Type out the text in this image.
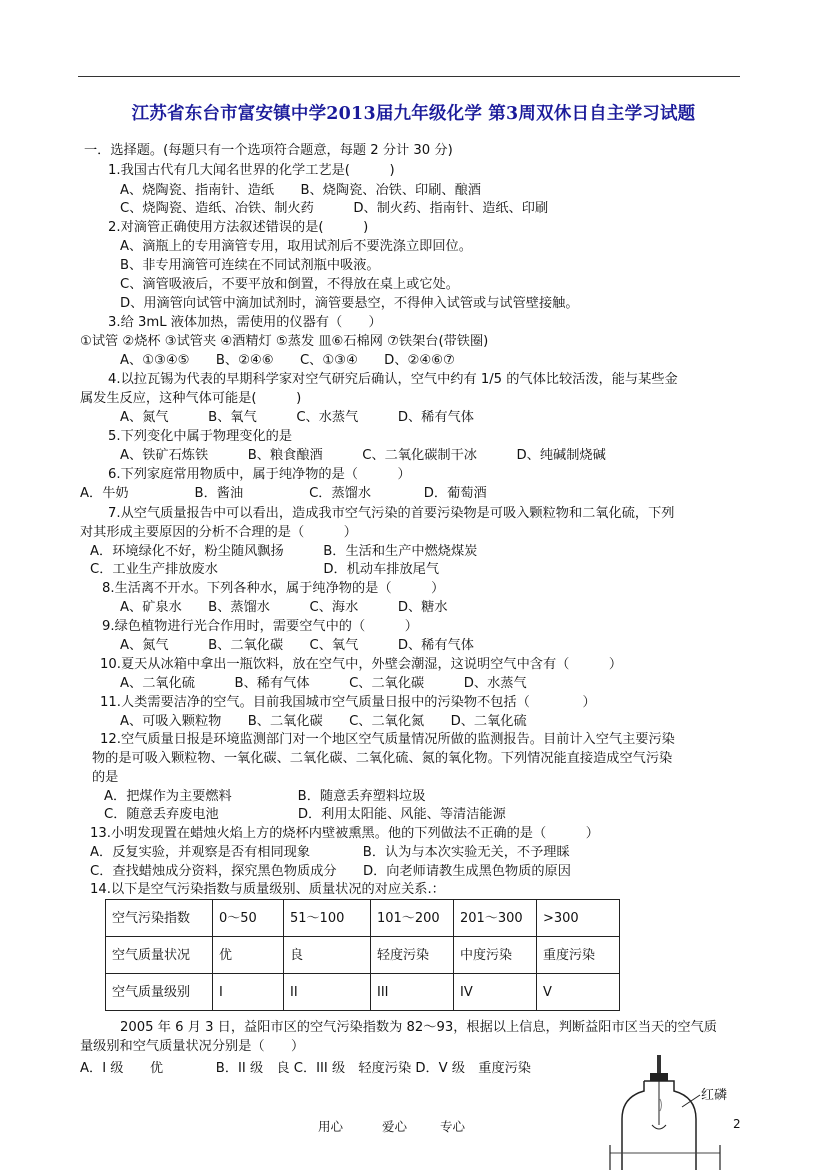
江苏省东台市富安镇中学2013届九年级化学 第3周双休日自主学习试题
一．选择题。(每题只有一个选项符合题意，每题 2 分计 30 分)
1.我国古代有几大闻名世界的化学工艺是(　　　)
A、烧陶瓷、指南针、造纸　　B、烧陶瓷、冶铁、印刷、酿酒
C、烧陶瓷、造纸、冶铁、制火药　　　D、制火药、指南针、造纸、印刷
2.对滴管正确使用方法叙述错误的是(　　　)
A、滴瓶上的专用滴管专用，取用试剂后不要洗涤立即回位。
B、非专用滴管可连续在不同试剂瓶中吸液。
C、滴管吸液后，不要平放和倒置，不得放在桌上或它处。
D、用滴管向试管中滴加试剂时，滴管要悬空，不得伸入试管或与试管壁接触。
3.给 3mL 液体加热，需使用的仪器有（　　）
①试管 ②烧杯 ③试管夹 ④酒精灯 ⑤蒸发 皿⑥石棉网 ⑦铁架台(带铁圈)
A、①③④⑤　　B、②④⑥　　C、①③④　　D、②④⑥⑦
4.以拉瓦锡为代表的早期科学家对空气研究后确认，空气中约有 1/5 的气体比较活泼，能与某些金
属发生反应，这种气体可能是(　　　)
A、氮气　　　B、氧气　　　C、水蒸气　　　D、稀有气体
5.下列变化中属于物理变化的是
A、铁矿石炼铁　　　B、粮食酿酒　　　C、二氧化碳制干冰　　　D、纯碱制烧碱
6.下列家庭常用物质中，属于纯净物的是（　　　）
A．牛奶　　　　　B．酱油　　　　　C．蒸馏水　　　　D．葡萄酒
7.从空气质量报告中可以看出，造成我市空气污染的首要污染物是可吸入颗粒物和二氧化硫，下列
对其形成主要原因的分析不合理的是（　　　）
A．环境绿化不好，粉尘随风飘扬　　　B．生活和生产中燃烧煤炭
C．工业生产排放废水　　　　　　　　D．机动车排放尾气
8.生活离不开水。下列各种水，属于纯净物的是（　　　）
A、矿泉水　　B、蒸馏水　　　C、海水　　　D、糖水
9.绿色植物进行光合作用时，需要空气中的（　　　）
A、氮气　　　B、二氧化碳　　C、氧气　　　D、稀有气体
10.夏天从冰箱中拿出一瓶饮料，放在空气中，外壁会潮湿，这说明空气中含有（　　　）
A、二氧化硫　　　B、稀有气体　　　C、二氧化碳　　　D、水蒸气
11.人类需要洁净的空气。目前我国城市空气质量日报中的污染物不包括（　　　　）
A、可吸入颗粒物　　B、二氧化碳　　C、二氧化氮　　D、二氧化硫
12.空气质量日报是环境监测部门对一个地区空气质量情况所做的监测报告。目前计入空气主要污染
物的是可吸入颗粒物、一氧化碳、二氧化碳、二氧化硫、氮的氧化物。下列情况能直接造成空气污染
的是
A．把煤作为主要燃料　　　　　B．随意丢弃塑料垃圾
C．随意丢弃废电池　　　　　　D．利用太阳能、风能、等清洁能源
13.小明发现置在蜡烛火焰上方的烧杯内壁被熏黑。他的下列做法不正确的是（　　　）
A．反复实验，并观察是否有相同现象　　　　B．认为与本次实验无关，不予理睬
C．查找蜡烛成分资料，探究黑色物质成分　　D．向老师请教生成黑色物质的原因
14.以下是空气污染指数与质量级别、质量状况的对应关系.：
空气污染指数	0～50	51～100	101～200	201～300	>300
空气质量状况	优	良	轻度污染	中度污染	重度污染
空气质量级别	I	II	III	IV	V
2005 年 6 月 3 日，益阳市区的空气污染指数为 82～93，根据以上信息，判断益阳市区当天的空气质
量级别和空气质量状况分别是（　　）
A．I 级　　优　　　　B．II 级　良 C．III 级　轻度污染 D．V 级　重度污染
红磷
用心	爱心	专心	2
